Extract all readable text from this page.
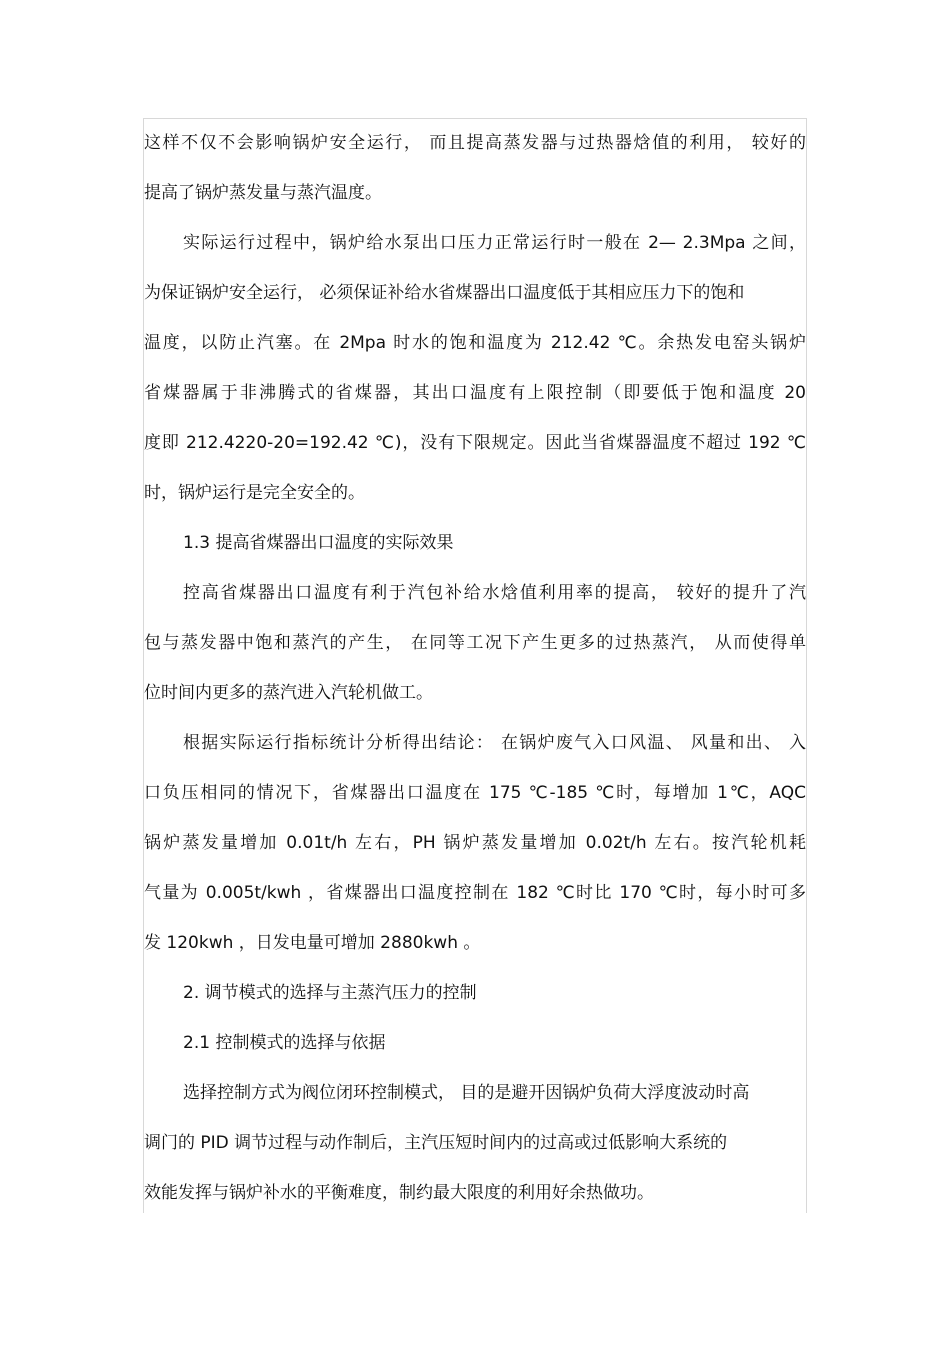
这样不仅不会影响锅炉安全运行， 而且提高蒸发器与过热器焓值的利用， 较好的
提高了锅炉蒸发量与蒸汽温度。
实际运行过程中，锅炉给水泵出口压力正常运行时一般在 2— 2.3Mpa 之间，
为保证锅炉安全运行， 必须保证补给水省煤器出口温度低于其相应压力下的饱和
温度，以防止汽塞。在 2Mpa 时水的饱和温度为 212.42 ℃。余热发电窑头锅炉
省煤器属于非沸腾式的省煤器，其出口温度有上限控制（即要低于饱和温度 20
度即 212.4220-20=192.42 ℃)，没有下限规定。因此当省煤器温度不超过 192 ℃
时，锅炉运行是完全安全的。
1.3 提高省煤器出口温度的实际效果
控高省煤器出口温度有利于汽包补给水焓值利用率的提高， 较好的提升了汽
包与蒸发器中饱和蒸汽的产生， 在同等工况下产生更多的过热蒸汽， 从而使得单
位时间内更多的蒸汽进入汽轮机做工。
根据实际运行指标统计分析得出结论： 在锅炉废气入口风温、 风量和出、 入
口负压相同的情况下，省煤器出口温度在 175 ℃-185 ℃时，每增加 1℃，AQC
锅炉蒸发量增加 0.01t/h 左右，PH 锅炉蒸发量增加 0.02t/h 左右。按汽轮机耗
气量为 0.005t/kwh ，省煤器出口温度控制在 182 ℃时比 170 ℃时，每小时可多
发 120kwh ，日发电量可增加 2880kwh 。
2. 调节模式的选择与主蒸汽压力的控制
2.1 控制模式的选择与依据
选择控制方式为阀位闭环控制模式， 目的是避开因锅炉负荷大浮度波动时高
调门的 PID 调节过程与动作制后，主汽压短时间内的过高或过低影响大系统的
效能发挥与锅炉补水的平衡难度，制约最大限度的利用好余热做功。
